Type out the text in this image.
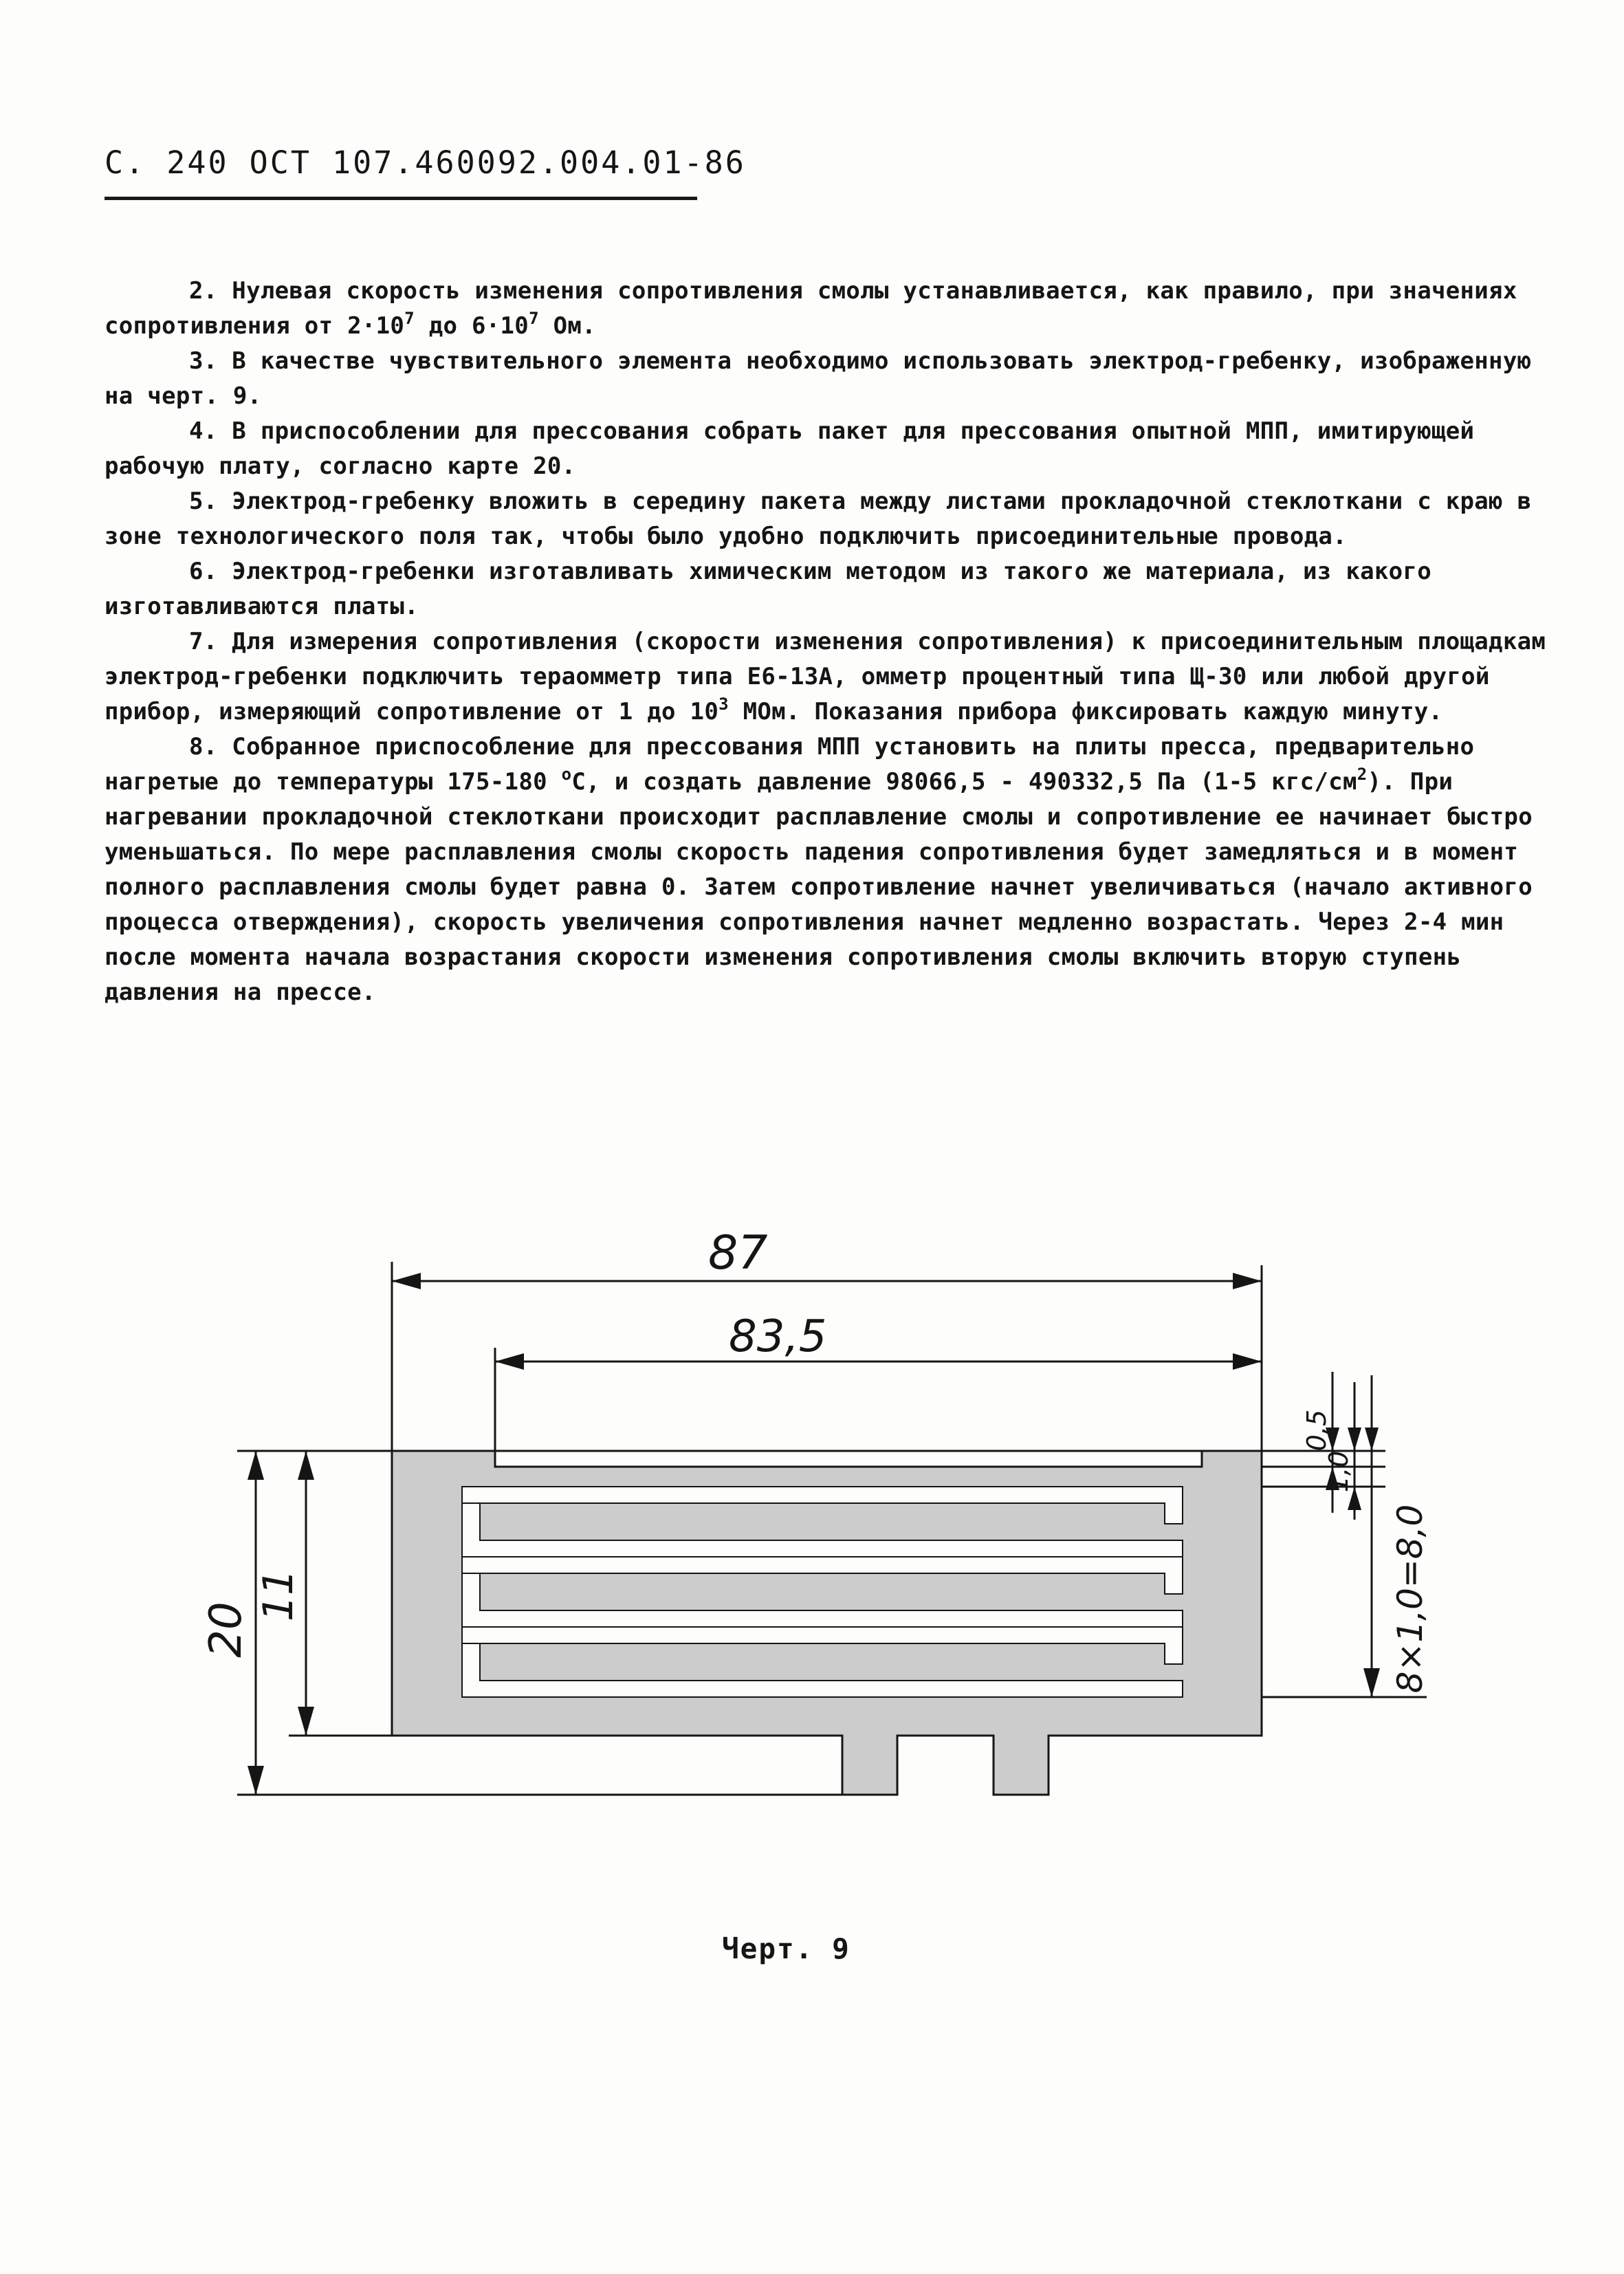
С. 240 ОСТ 107.460092.004.01-86

2. Нулевая скорость изменения сопротивления смолы устанавливается, как правило, при значениях сопротивления от $2\cdot 10^7$ до $6\cdot 10^7$ Ом.

3. В качестве чувствительного элемента необходимо использовать электрод-гребенку, изображенную на черт. 9.

4. В приспособлении для прессования собрать пакет для прессования опытной МПП, имитирующей рабочую плату, согласно карте 20.

5. Электрод-гребенку вложить в середину пакета между листами прокладочной стеклоткани с краю в зоне технологического поля так, чтобы было удобно подключить присоединительные провода.

6. Электрод-гребенки изготавливать химическим методом из такого же материала, из какого изготавливаются платы.

7. Для измерения сопротивления (скорости изменения сопротивления) к присоединительным площадкам электрод-гребенки подключить тераомметр типа Е6-13А, омметр процентный типа Щ-30 или любой другой прибор, измеряющий сопротивление от 1 до $10^3$ МОм. Показания прибора фиксировать каждую минуту.

8. Собранное приспособление для прессования МПП установить на плиты пресса, предварительно нагретые до температуры 175-180 $^о$С, и создать давление 98066,5 - 490332,5 Па (1-5 кгс/$см^2$). При нагревании прокладочной стеклоткани происходит расплавление смолы и сопротивление ее начинает быстро уменьшаться. По мере расплавления смолы скорость падения сопротивления будет замедляться и в момент полного расплавления смолы будет равна 0. Затем сопротивление начнет увеличиваться (начало активного процесса отверждения), скорость увеличения сопротивления начнет медленно возрастать. Через 2-4 мин после момента начала возрастания скорости изменения сопротивления смолы включить вторую ступень давления на прессе.

87
83,5
20
11
0,5
1,0
8×1,0=8,0
Черт. 9
